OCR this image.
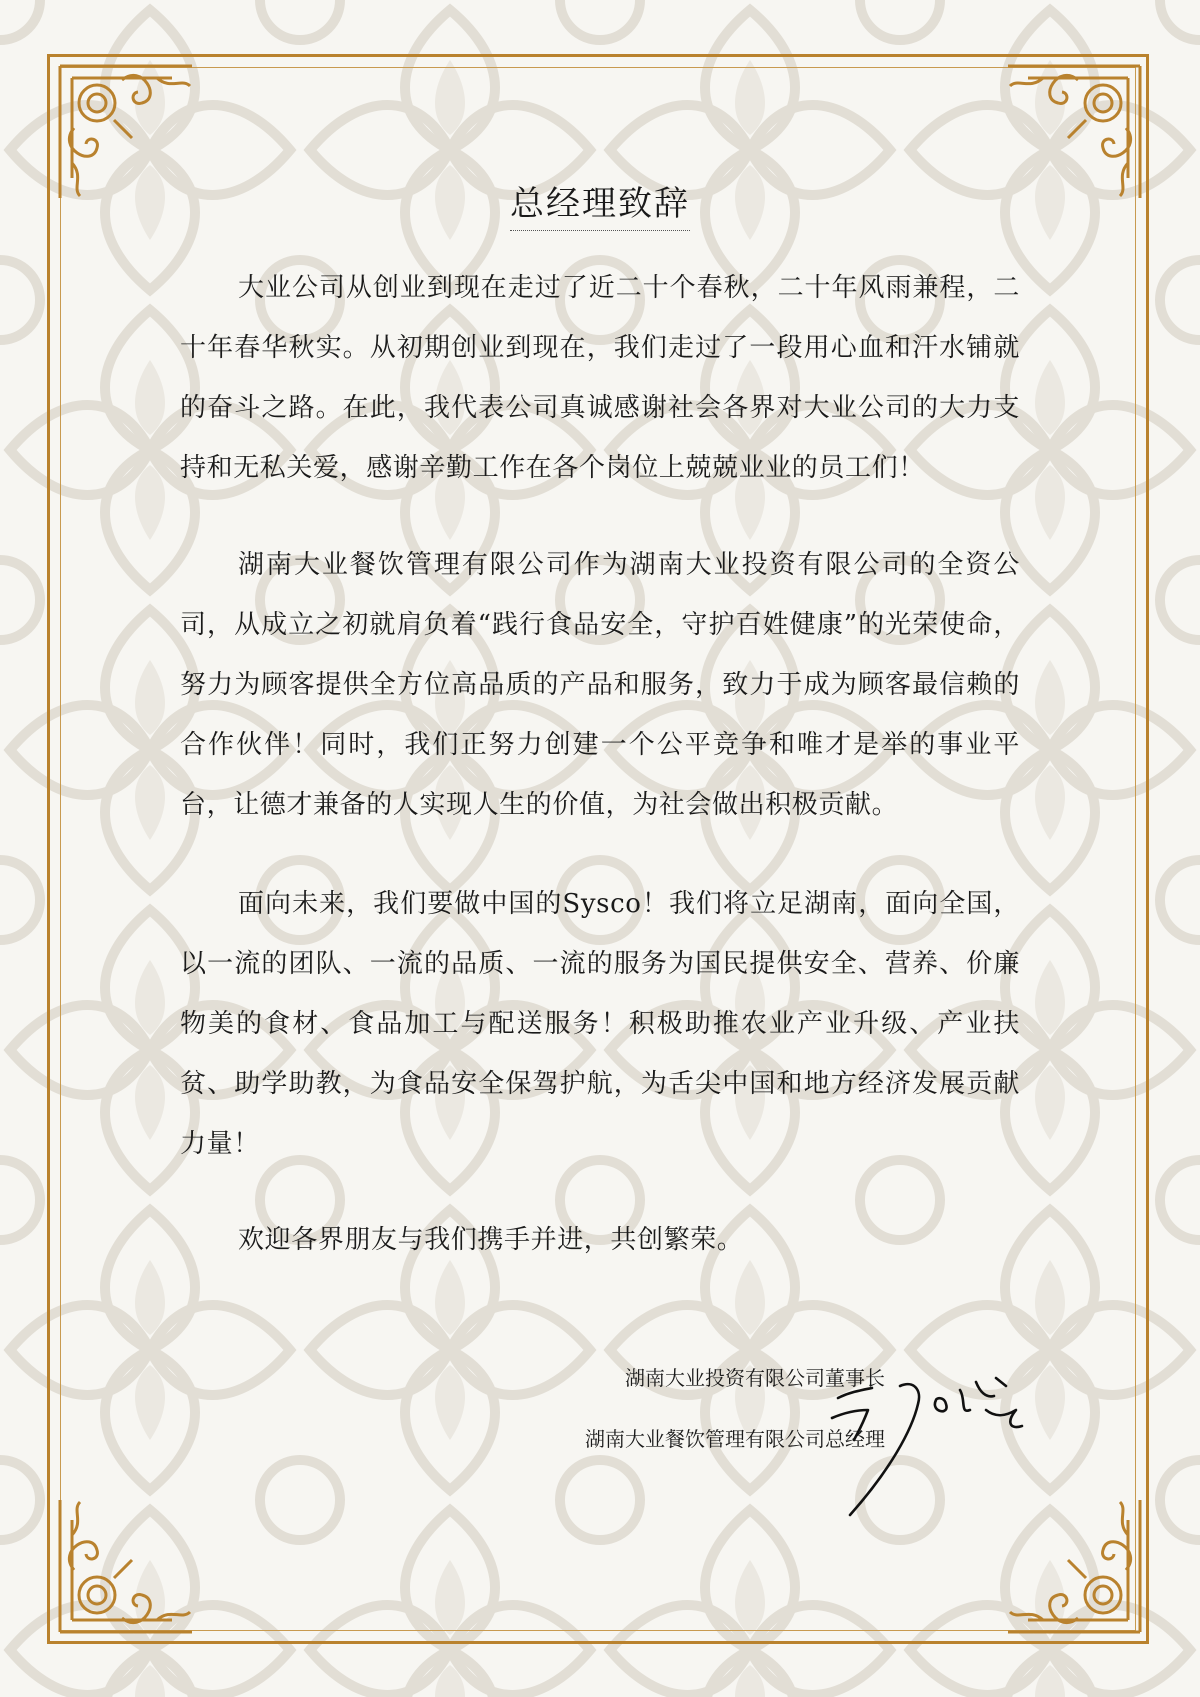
总经理致辞

大业公司从创业到现在走过了近二十个春秋，二十年风雨兼程，二十年春华秋实。从初期创业到现在，我们走过了一段用心血和汗水铺就的奋斗之路。在此，我代表公司真诚感谢社会各界对大业公司的大力支持和无私关爱，感谢辛勤工作在各个岗位上兢兢业业的员工们！

湖南大业餐饮管理有限公司作为湖南大业投资有限公司的全资公司，从成立之初就肩负着“践行食品安全，守护百姓健康”的光荣使命，努力为顾客提供全方位高品质的产品和服务，致力于成为顾客最信赖的合作伙伴！同时，我们正努力创建一个公平竞争和唯才是举的事业平台，让德才兼备的人实现人生的价值，为社会做出积极贡献。

面向未来，我们要做中国的Sysco！我们将立足湖南，面向全国，以一流的团队、一流的品质、一流的服务为国民提供安全、营养、价廉物美的食材、食品加工与配送服务！积极助推农业产业升级、产业扶贫、助学助教，为食品安全保驾护航，为舌尖中国和地方经济发展贡献力量！

欢迎各界朋友与我们携手并进，共创繁荣。

湖南大业投资有限公司董事长
湖南大业餐饮管理有限公司总经理
